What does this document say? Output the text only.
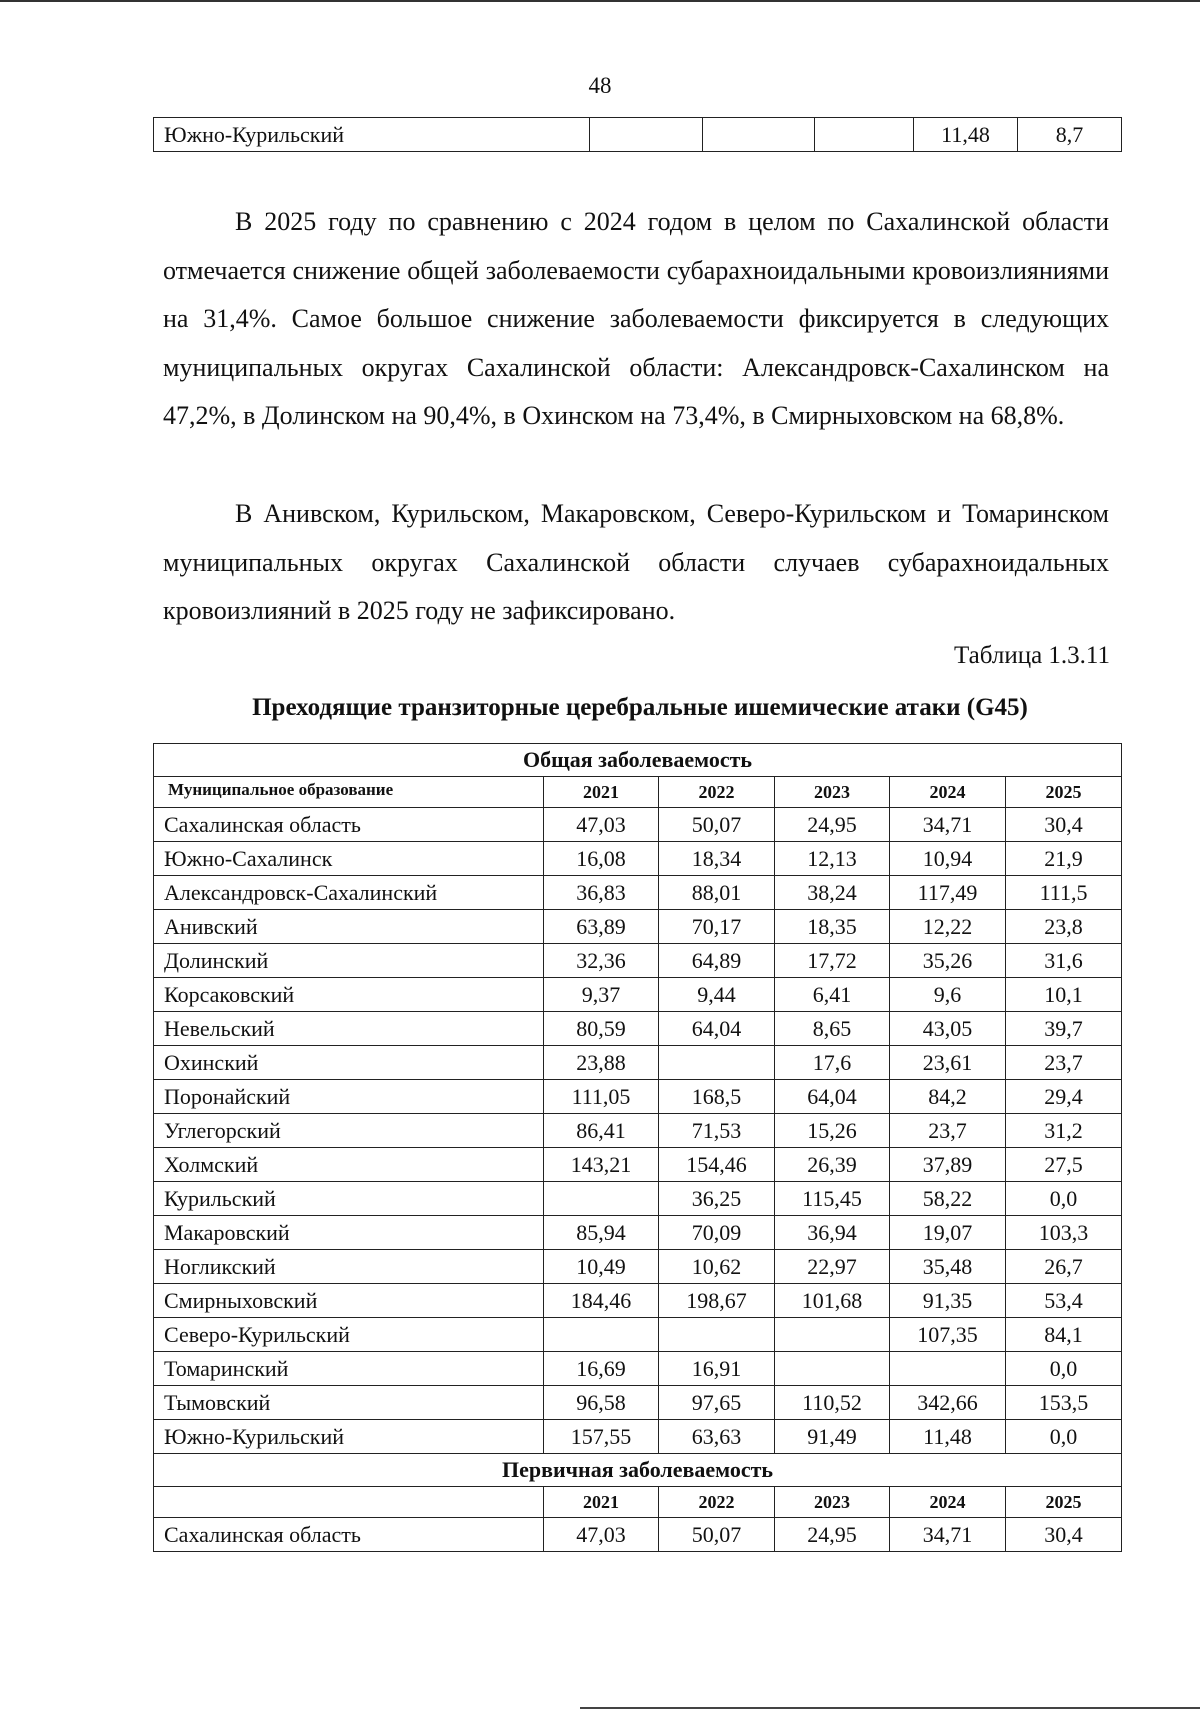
48
Южно-Курильский				11,48	8,7

В 2025 году по сравнению с 2024 годом в целом по Сахалинской области отмечается снижение общей заболеваемости субарахноидальными кровоизлияниями на 31,4%. Самое большое снижение заболеваемости фиксируется в следующих муниципальных округах Сахалинской области: Александровск-Сахалинском на 47,2%, в Долинском на 90,4%, в Охинском на 73,4%, в Смирныховском на 68,8%.

В Анивском, Курильском, Макаровском, Северо-Курильском и Томаринском муниципальных округах Сахалинской области случаев субарахноидальных кровоизлияний в 2025 году не зафиксировано.

Таблица 1.3.11
Преходящие транзиторные церебральные ишемические атаки (G45)
Общая заболеваемость					
Муниципальное образование	2021	2022	2023	2024	2025
Сахалинская область	47,03	50,07	24,95	34,71	30,4
Южно-Сахалинск	16,08	18,34	12,13	10,94	21,9
Александровск-Сахалинский	36,83	88,01	38,24	117,49	111,5
Анивский	63,89	70,17	18,35	12,22	23,8
Долинский	32,36	64,89	17,72	35,26	31,6
Корсаковский	9,37	9,44	6,41	9,6	10,1
Невельский	80,59	64,04	8,65	43,05	39,7
Охинский	23,88		17,6	23,61	23,7
Поронайский	111,05	168,5	64,04	84,2	29,4
Углегорский	86,41	71,53	15,26	23,7	31,2
Холмский	143,21	154,46	26,39	37,89	27,5
Курильский		36,25	115,45	58,22	0,0
Макаровский	85,94	70,09	36,94	19,07	103,3
Ногликский	10,49	10,62	22,97	35,48	26,7
Смирныховский	184,46	198,67	101,68	91,35	53,4
Северо-Курильский				107,35	84,1
Томаринский	16,69	16,91			0,0
Тымовский	96,58	97,65	110,52	342,66	153,5
Южно-Курильский	157,55	63,63	91,49	11,48	0,0
Первичная заболеваемость					
	2021	2022	2023	2024	2025
Сахалинская область	47,03	50,07	24,95	34,71	30,4
